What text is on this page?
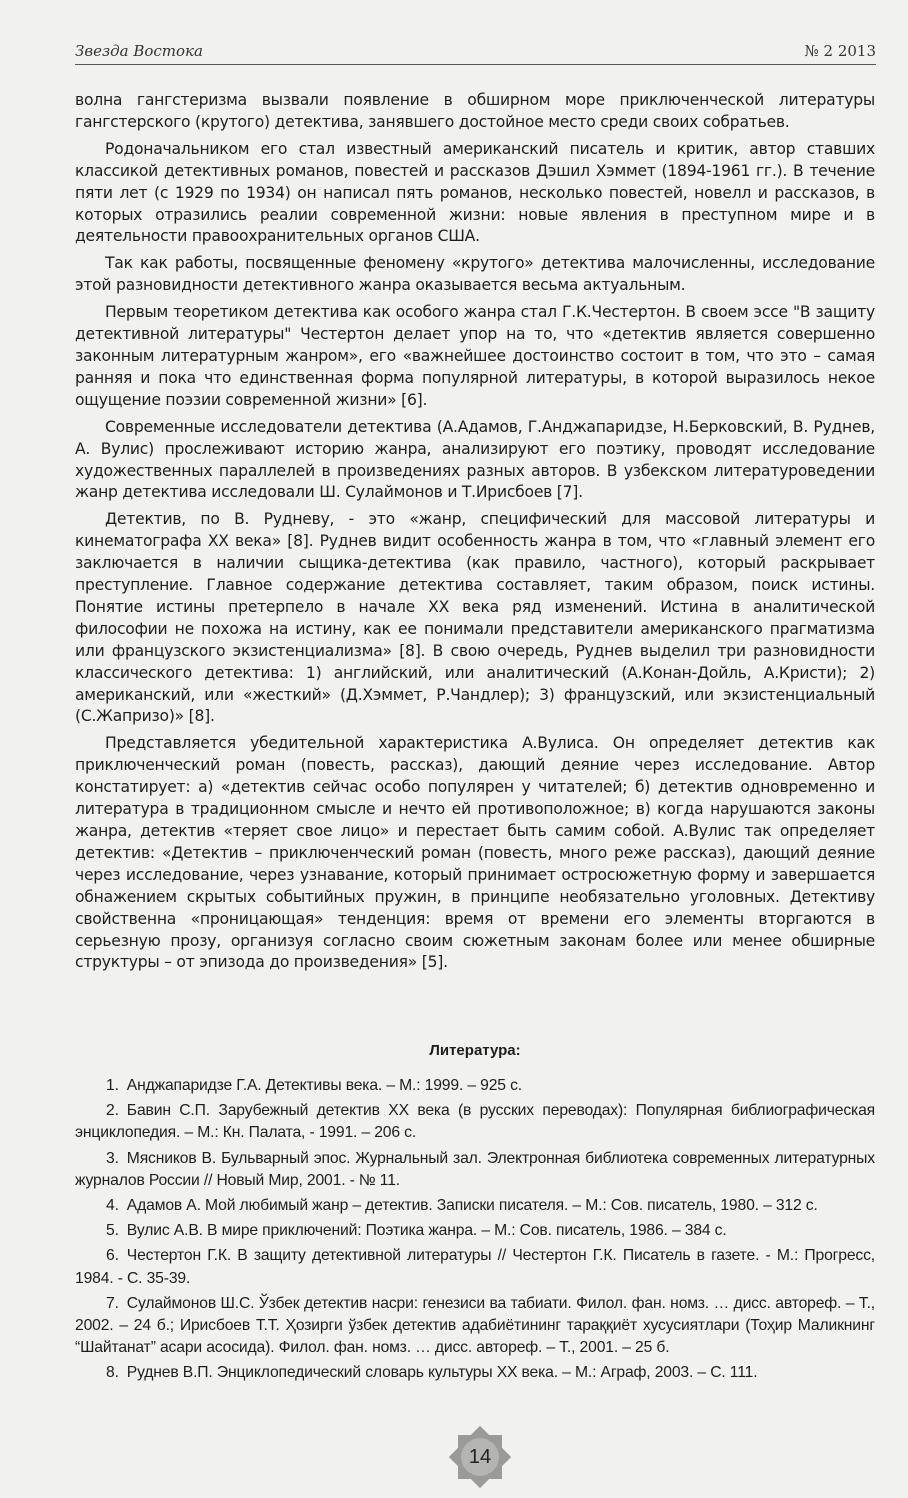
Звезда Востока	№ 2 2013

волна гангстеризма вызвали появление в обширном море приключенческой литературы гангстерского (крутого) детектива, занявшего достойное место среди своих собратьев.

Родоначальником его стал известный американский писатель и критик, автор ставших классикой детективных романов, повестей и рассказов Дэшил Хэммет (1894-1961 гг.). В течение пяти лет (с 1929 по 1934) он написал пять романов, несколько повестей, новелл и рассказов, в которых отразились реалии современной жизни: новые явления в преступном мире и в деятельности правоохранительных органов США.

Так как работы, посвященные феномену «крутого» детектива малочисленны, исследование этой разновидности детективного жанра оказывается весьма актуальным.

Первым теоретиком детектива как особого жанра стал Г.К.Честертон. В своем эссе "В защиту детективной литературы" Честертон делает упор на то, что «детектив является совершенно законным литературным жанром», его «важнейшее достоинство состоит в том, что это – самая ранняя и пока что единственная форма популярной литературы, в которой выразилось некое ощущение поэзии современной жизни» [6].

Современные исследователи детектива (А.Адамов, Г.Анджапаридзе, Н.Берковский, В. Руднев, А. Вулис) прослеживают историю жанра, анализируют его поэтику, проводят исследование художественных параллелей в произведениях разных авторов. В узбекском литературоведении жанр детектива исследовали Ш. Сулаймонов и Т.Ирисбоев [7].

Детектив, по В. Рудневу, - это «жанр, специфический для массовой литературы и кинематографа XX века» [8]. Руднев видит особенность жанра в том, что «главный элемент его заключается в наличии сыщика-детектива (как правило, частного), который раскрывает преступление. Главное содержание детектива составляет, таким образом, поиск истины. Понятие истины претерпело в начале XX века ряд изменений. Истина в аналитической философии не похожа на истину, как ее понимали представители американского прагматизма или французского экзистенциализма» [8]. В свою очередь, Руднев выделил три разновидности классического детектива: 1) английский, или аналитический (А.Конан-Дойль, А.Кристи); 2) американский, или «жесткий» (Д.Хэммет, Р.Чандлер); 3) французский, или экзистенциальный (С.Жапризо)» [8].

Представляется убедительной характеристика А.Вулиса. Он определяет детектив как приключенческий роман (повесть, рассказ), дающий деяние через исследование. Автор констатирует: а) «детектив сейчас особо популярен у читателей; б) детектив одновременно и литература в традиционном смысле и нечто ей противоположное; в) когда нарушаются законы жанра, детектив «теряет свое лицо» и перестает быть самим собой. А.Вулис так определяет детектив: «Детектив – приключенческий роман (повесть, много реже рассказ), дающий деяние через исследование, через узнавание, который принимает остросюжетную форму и завершается обнажением скрытых событийных пружин, в принципе необязательно уголовных. Детективу свойственна «проницающая» тенденция: время от времени его элементы вторгаются в серьезную прозу, организуя согласно своим сюжетным законам более или менее обширные структуры – от эпизода до произведения» [5].

Литература:
1. Анджапаридзе Г.А. Детективы века. – М.: 1999. – 925 с.
2. Бавин С.П. Зарубежный детектив XX века (в русских переводах): Популярная библиографическая энциклопедия. – М.: Кн. Палата, - 1991. – 206 с.
3. Мясников В. Бульварный эпос. Журнальный зал. Электронная библиотека современных литературных журналов России // Новый Мир, 2001. - № 11.
4. Адамов А. Мой любимый жанр – детектив. Записки писателя. – М.: Сов. писатель, 1980. – 312 с.
5. Вулис А.В. В мире приключений: Поэтика жанра. – М.: Сов. писатель, 1986. – 384 с.
6. Честертон Г.К. В защиту детективной литературы // Честертон Г.К. Писатель в газете. - М.: Прогресс, 1984. - С. 35-39.
7. Сулаймонов Ш.С. Ўзбек детектив насри: генезиси ва табиати. Филол. фан. номз. … дисс. автореф. – Т., 2002. – 24 б.; Ирисбоев Т.Т. Ҳозирги ўзбек детектив адабиётининг тараққиёт хусусиятлари (Тоҳир Маликнинг “Шайтанат” асари асосида). Филол. фан. номз. … дисс. автореф. – Т., 2001. – 25 б.
8. Руднев В.П. Энциклопедический словарь культуры XX века. – М.: Аграф, 2003. – С. 111.
14
